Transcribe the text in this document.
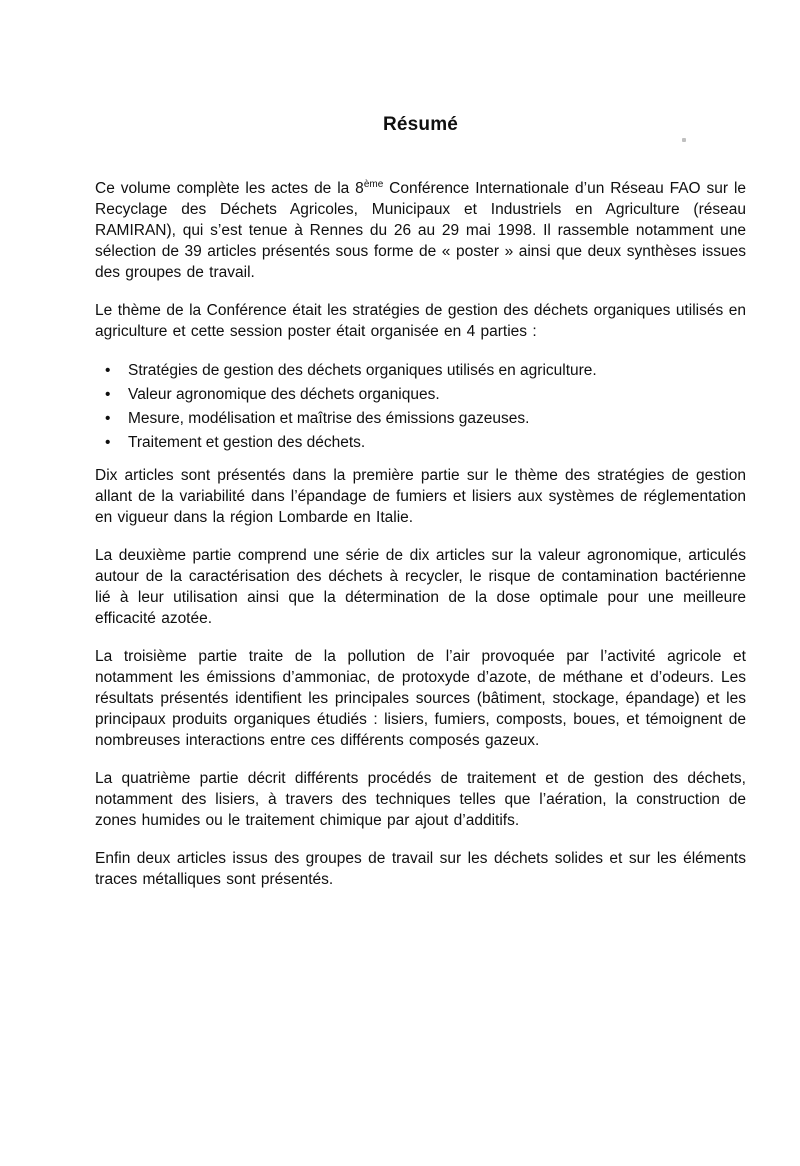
Résumé

Ce volume complète les actes de la 8ème Conférence Internationale d’un Réseau FAO sur le Recyclage des Déchets Agricoles, Municipaux et Industriels en Agriculture (réseau RAMIRAN), qui s’est tenue à Rennes du 26 au 29 mai 1998. Il rassemble notamment une sélection de 39 articles présentés sous forme de « poster » ainsi que deux synthèses issues des groupes de travail.

Le thème de la Conférence était les stratégies de gestion des déchets organiques utilisés en agriculture et cette session poster était organisée en 4 parties :

• Stratégies de gestion des déchets organiques utilisés en agriculture.
• Valeur agronomique des déchets organiques.
• Mesure, modélisation et maîtrise des émissions gazeuses.
• Traitement et gestion des déchets.

Dix articles sont présentés dans la première partie sur le thème des stratégies de gestion allant de la variabilité dans l’épandage de fumiers et lisiers aux systèmes de réglementation en vigueur dans la région Lombarde en Italie.

La deuxième partie comprend une série de dix articles sur la valeur agronomique, articulés autour de la caractérisation des déchets à recycler, le risque de contamination bactérienne lié à leur utilisation ainsi que la détermination de la dose optimale pour une meilleure efficacité azotée.

La troisième partie traite de la pollution de l’air provoquée par l’activité agricole et notamment les émissions d’ammoniac, de protoxyde d’azote, de méthane et d’odeurs. Les résultats présentés identifient les principales sources (bâtiment, stockage, épandage) et les principaux produits organiques étudiés : lisiers, fumiers, composts, boues, et témoignent de nombreuses interactions entre ces différents composés gazeux.

La quatrième partie décrit différents procédés de traitement et de gestion des déchets, notamment des lisiers, à travers des techniques telles que l’aération, la construction de zones humides ou le traitement chimique par ajout d’additifs.

Enfin deux articles issus des groupes de travail sur les déchets solides et sur les éléments traces métalliques sont présentés.
